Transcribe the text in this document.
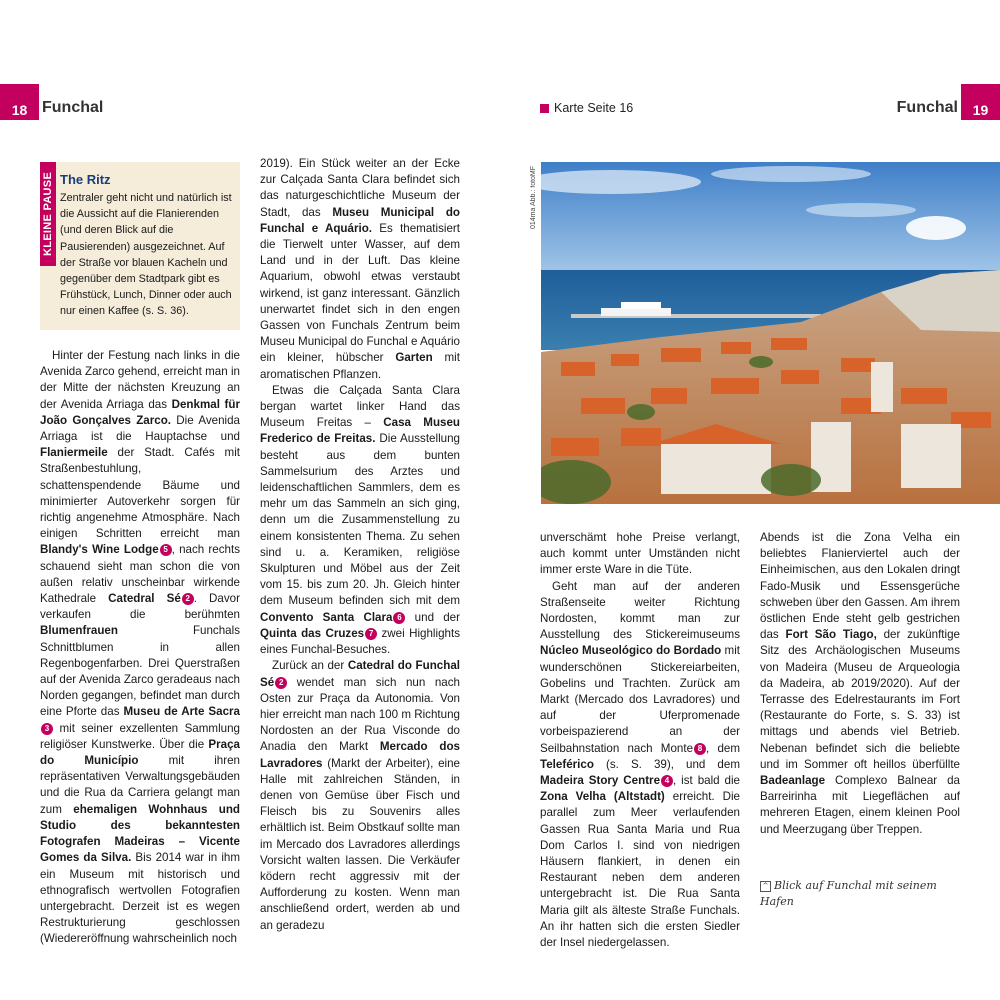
18 Funchal	Karte Seite 16	Funchal	19
KLEINE PAUSE The Ritz

Zentraler geht nicht und natürlich ist die Aussicht auf die Flanierenden (und deren Blick auf die Pausierenden) ausgezeichnet. Auf der Straße vor blauen Kacheln und gegenüber dem Stadtpark gibt es Frühstück, Lunch, Dinner oder auch nur einen Kaffee (s. S. 36).

Hinter der Festung nach links in die Avenida Zarco gehend, erreicht man in der Mitte der nächsten Kreuzung an der Avenida Arriaga das Denkmal für João Gonçalves Zarco. Die Avenida Arriaga ist die Hauptachse und Flaniermeile der Stadt. Cafés mit Straßenbestuhlung, schattenspendende Bäume und minimierter Autoverkehr sorgen für richtig angenehme Atmosphäre. Nach einigen Schritten erreicht man Blandy's Wine Lodge 5 , nach rechts schauend sieht man schon die von außen relativ unscheinbar wirkende Kathedrale Catedral Sé 2 . Davor verkaufen die berühmten Blumenfrauen Funchals Schnittblumen in allen Regenbogenfarben. Drei Querstraßen auf der Avenida Zarco geradeaus nach Norden gegangen, befindet man durch eine Pforte das Museu de Arte Sacra3 mit seiner exzellenten Sammlung religiöser Kunstwerke. Über die Praça do Município mit ihren repräsentativen Verwaltungsgebäuden und die Rua da Carriera gelangt man zum ehemaligen Wohnhaus und Studio des bekanntesten Fotografen Madeiras – Vicente Gomes da Silva. Bis 2014 war in ihm ein Museum mit historisch und ethnografisch wertvollen Fotografien untergebracht. Derzeit ist es wegen Restrukturierung geschlossen (Wiedereröffnung wahrscheinlich noch

2019). Ein Stück weiter an der Ecke zur Calçada Santa Clara befindet sich das naturgeschichtliche Museum der Stadt, das Museu Municipal do Funchal e Aquário. Es thematisiert die Tierwelt unter Wasser, auf dem Land und in der Luft. Das kleine Aquarium, obwohl etwas verstaubt wirkend, ist ganz interessant. Gänzlich unerwartet findet sich in den engen Gassen von Funchals Zentrum beim Museu Municipal do Funchal e Aquário ein kleiner, hübscher Garten mit aromatischen Pflanzen.

Etwas die Calçada Santa Clara bergan wartet linker Hand das Museum Freitas – Casa Museu Frederico de Freitas. Die Ausstellung besteht aus dem bunten Sammelsurium des Arztes und leidenschaftlichen Sammlers, dem es mehr um das Sammeln an sich ging, denn um die Zusammenstellung zu einem konsistenten Thema. Zu sehen sind u. a. Keramiken, religiöse Skulpturen und Möbel aus der Zeit vom 15. bis zum 20. Jh. Gleich hinter dem Museum befinden sich mit dem Convento Santa Clara 6 und der Quinta das Cruzes 7 zwei Highlights eines Funchal-Besuches.

Zurück an der Catedral do Funchal Sé 2 wendet man sich nun nach Osten zur Praça da Autonomia. Von hier erreicht man nach 100 m Richtung Nordosten an der Rua Visconde do Anadia den Markt Mercado dos Lavradores (Markt der Arbeiter), eine Halle mit zahlreichen Ständen, in denen von Gemüse über Fisch und Fleisch bis zu Souvenirs alles erhältlich ist. Beim Obstkauf sollte man im Mercado dos Lavradores allerdings Vorsicht walten lassen. Die Verkäufer ködern recht aggressiv mit der Aufforderung zu kosten. Wenn man anschließend ordert, werden ab und an geradezu

014ma Abb.: fotoMF

unverschämt hohe Preise verlangt, auch kommt unter Umständen nicht immer erste Ware in die Tüte.

Geht man auf der anderen Straßenseite weiter Richtung Nordosten, kommt man zur Ausstellung des Stickereimuseums Núcleo Museológico do Bordado mit wunderschönen Stickereiarbeiten, Gobelins und Trachten. Zurück am Markt (Mercado dos Lavradores) und auf der Uferpromenade vorbeispazierend an der Seilbahnstation nach Monte 8 , dem Teleférico (s. S. 39), und dem Madeira Story Centre 4 , ist bald die Zona Velha (Altstadt) erreicht. Die parallel zum Meer verlaufenden Gassen Rua Santa Maria und Rua Dom Carlos I. sind von niedrigen Häusern flankiert, in denen ein Restaurant neben dem anderen untergebracht ist. Die Rua Santa Maria gilt als älteste Straße Funchals. An ihr hatten sich die ersten Siedler der Insel niedergelassen.

Abends ist die Zona Velha ein beliebtes Flanierviertel auch der Einheimischen, aus den Lokalen dringt Fado-Musik und Essensgerüche schweben über den Gassen. Am ihrem östlichen Ende steht gelb gestrichen das Fort São Tiago, der zukünftige Sitz des Archäologischen Museums von Madeira (Museu de Arqueologia da Madeira, ab 2019/2020). Auf der Terrasse des Edelrestaurants im Fort (Restaurante do Forte, s. S. 33) ist mittags und abends viel Betrieb. Nebenan befindet sich die beliebte und im Sommer oft heillos überfüllte Badeanlage Complexo Balnear da Barreirinha mit Liegeflächen auf mehreren Etagen, einem kleinen Pool und Meerzugang über Treppen.

^ Blick auf Funchal mit seinem Hafen
